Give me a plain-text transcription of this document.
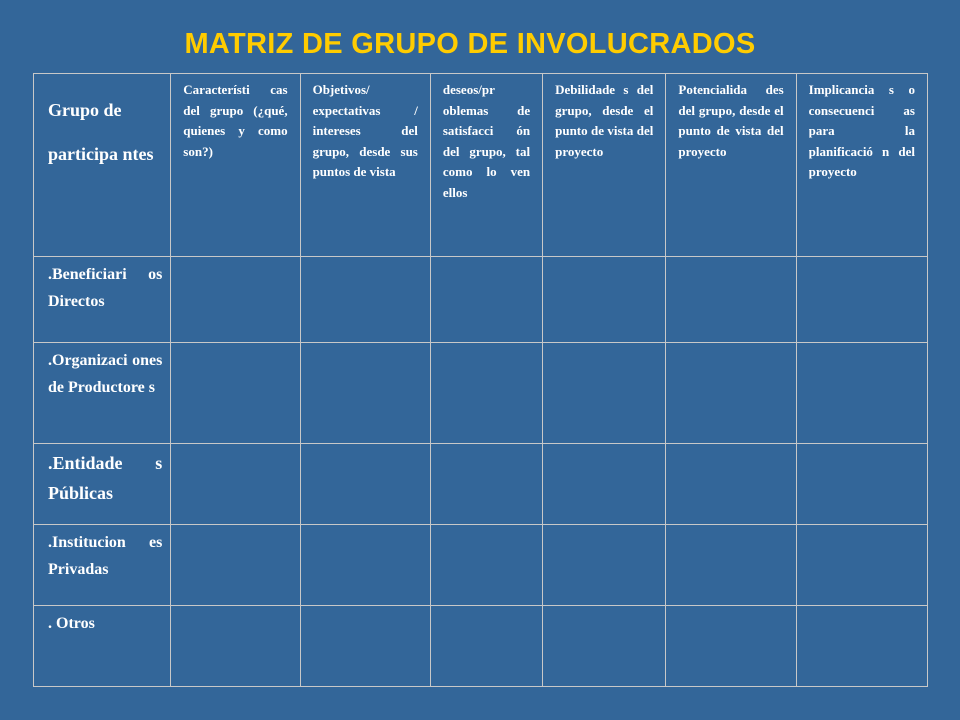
MATRIZ DE GRUPO DE INVOLUCRADOS
Grupo de participa ntes	Característi cas del grupo (¿qué, quienes y como son?)	Objetivos/ expectativas / intereses del grupo, desde sus puntos de vista	deseos/pr oblemas de satisfacci ón del grupo, tal como lo ven ellos	Debilidade s del grupo, desde el punto de vista del proyecto	Potencialida des del grupo, desde el punto de vista del proyecto	Implicancia s o consecuenci as para la planificació n del proyecto

.Beneficiari os Directos						

.Organizaci ones de Productore s						

.Entidade s Públicas						

.Institucion es Privadas						

. Otros						
